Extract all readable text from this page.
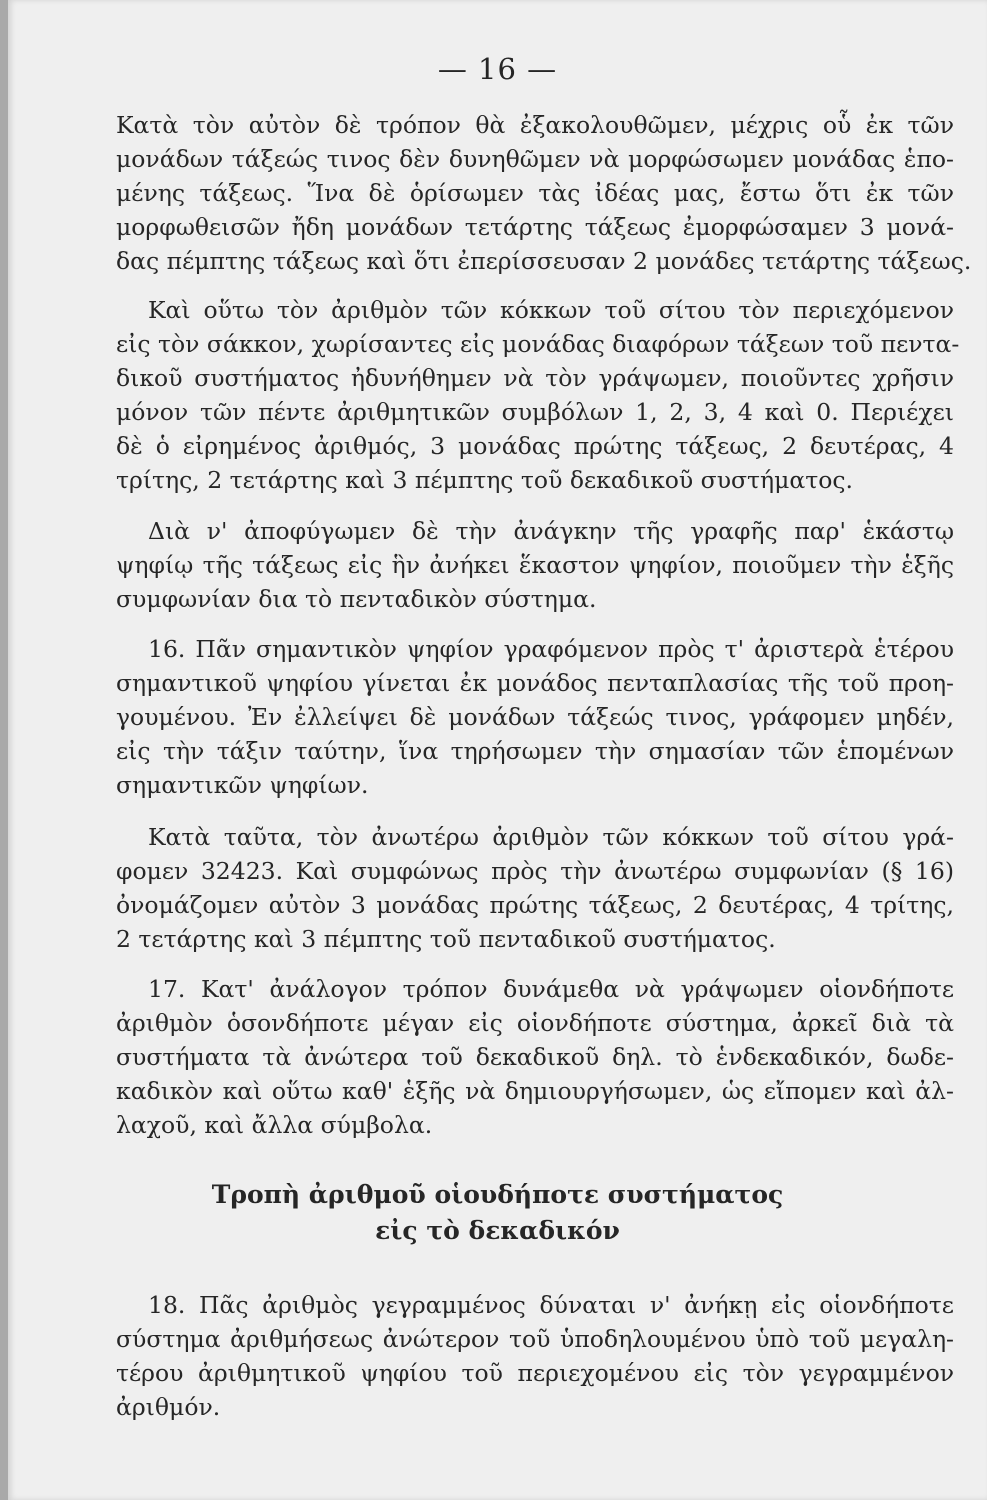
— 16 —
Κατὰ τὸν αὐτὸν δὲ τρόπον θὰ ἐξακολουθῶμεν, μέχρις οὗ ἐκ τῶν
μονάδων τάξεώς τινος δὲν δυνηθῶμεν νὰ μορφώσωμεν μονάδας ἑπο-
μένης τάξεως. Ἵνα δὲ ὁρίσωμεν τὰς ἰδέας μας, ἔστω ὅτι ἐκ τῶν
μορφωθεισῶν ἤδη μονάδων τετάρτης τάξεως ἐμορφώσαμεν 3 μονά-
δας πέμπτης τάξεως καὶ ὅτι ἐπερίσσευσαν 2 μονάδες τετάρτης τάξεως.
Καὶ οὕτω τὸν ἀριθμὸν τῶν κόκκων τοῦ σίτου τὸν περιεχόμενον
εἰς τὸν σάκκον, χωρίσαντες εἰς μονάδας διαφόρων τάξεων τοῦ πεντα-
δικοῦ συστήματος ἠδυνήθημεν νὰ τὸν γράψωμεν, ποιοῦντες χρῆσιν
μόνον τῶν πέντε ἀριθμητικῶν συμβόλων 1, 2, 3, 4 καὶ 0. Περιέχει
δὲ ὁ εἰρημένος ἀριθμός, 3 μονάδας πρώτης τάξεως, 2 δευτέρας, 4
τρίτης, 2 τετάρτης καὶ 3 πέμπτης τοῦ δεκαδικοῦ συστήματος.
Διὰ ν' ἀποφύγωμεν δὲ τὴν ἀνάγκην τῆς γραφῆς παρ' ἑκάστῳ
ψηφίῳ τῆς τάξεως εἰς ἣν ἀνήκει ἕκαστον ψηφίον, ποιοῦμεν τὴν ἑξῆς
συμφωνίαν δια τὸ πενταδικὸν σύστημα.
16. Πᾶν σημαντικὸν ψηφίον γραφόμενον πρὸς τ' ἀριστερὰ ἑτέρου
σημαντικοῦ ψηφίου γίνεται ἐκ μονάδος πενταπλασίας τῆς τοῦ προη-
γουμένου. Ἐν ἐλλείψει δὲ μονάδων τάξεώς τινος, γράφομεν μηδέν,
εἰς τὴν τάξιν ταύτην, ἵνα τηρήσωμεν τὴν σημασίαν τῶν ἑπομένων
σημαντικῶν ψηφίων.
Κατὰ ταῦτα, τὸν ἀνωτέρω ἀριθμὸν τῶν κόκκων τοῦ σίτου γρά-
φομεν 32423. Καὶ συμφώνως πρὸς τὴν ἀνωτέρω συμφωνίαν (§ 16)
ὀνομάζομεν αὐτὸν 3 μονάδας πρώτης τάξεως, 2 δευτέρας, 4 τρίτης,
2 τετάρτης καὶ 3 πέμπτης τοῦ πενταδικοῦ συστήματος.
17. Κατ' ἀνάλογον τρόπον δυνάμεθα νὰ γράψωμεν οἱονδήποτε
ἀριθμὸν ὁσονδήποτε μέγαν εἰς οἱονδήποτε σύστημα, ἀρκεῖ διὰ τὰ
συστήματα τὰ ἀνώτερα τοῦ δεκαδικοῦ δηλ. τὸ ἑνδεκαδικόν, δωδε-
καδικὸν καὶ οὕτω καθ' ἑξῆς νὰ δημιουργήσωμεν, ὡς εἴπομεν καὶ ἀλ-
λαχοῦ, καὶ ἄλλα σύμβολα.
Τροπὴ ἀριθμοῦ οἱουδήποτε συστήματος
εἰς τὸ δεκαδικόν
18. Πᾶς ἀριθμὸς γεγραμμένος δύναται ν' ἀνήκῃ εἰς οἱονδήποτε
σύστημα ἀριθμήσεως ἀνώτερον τοῦ ὑποδηλουμένου ὑπὸ τοῦ μεγαλη-
τέρου ἀριθμητικοῦ ψηφίου τοῦ περιεχομένου εἰς τὸν γεγραμμένον
ἀριθμόν.
